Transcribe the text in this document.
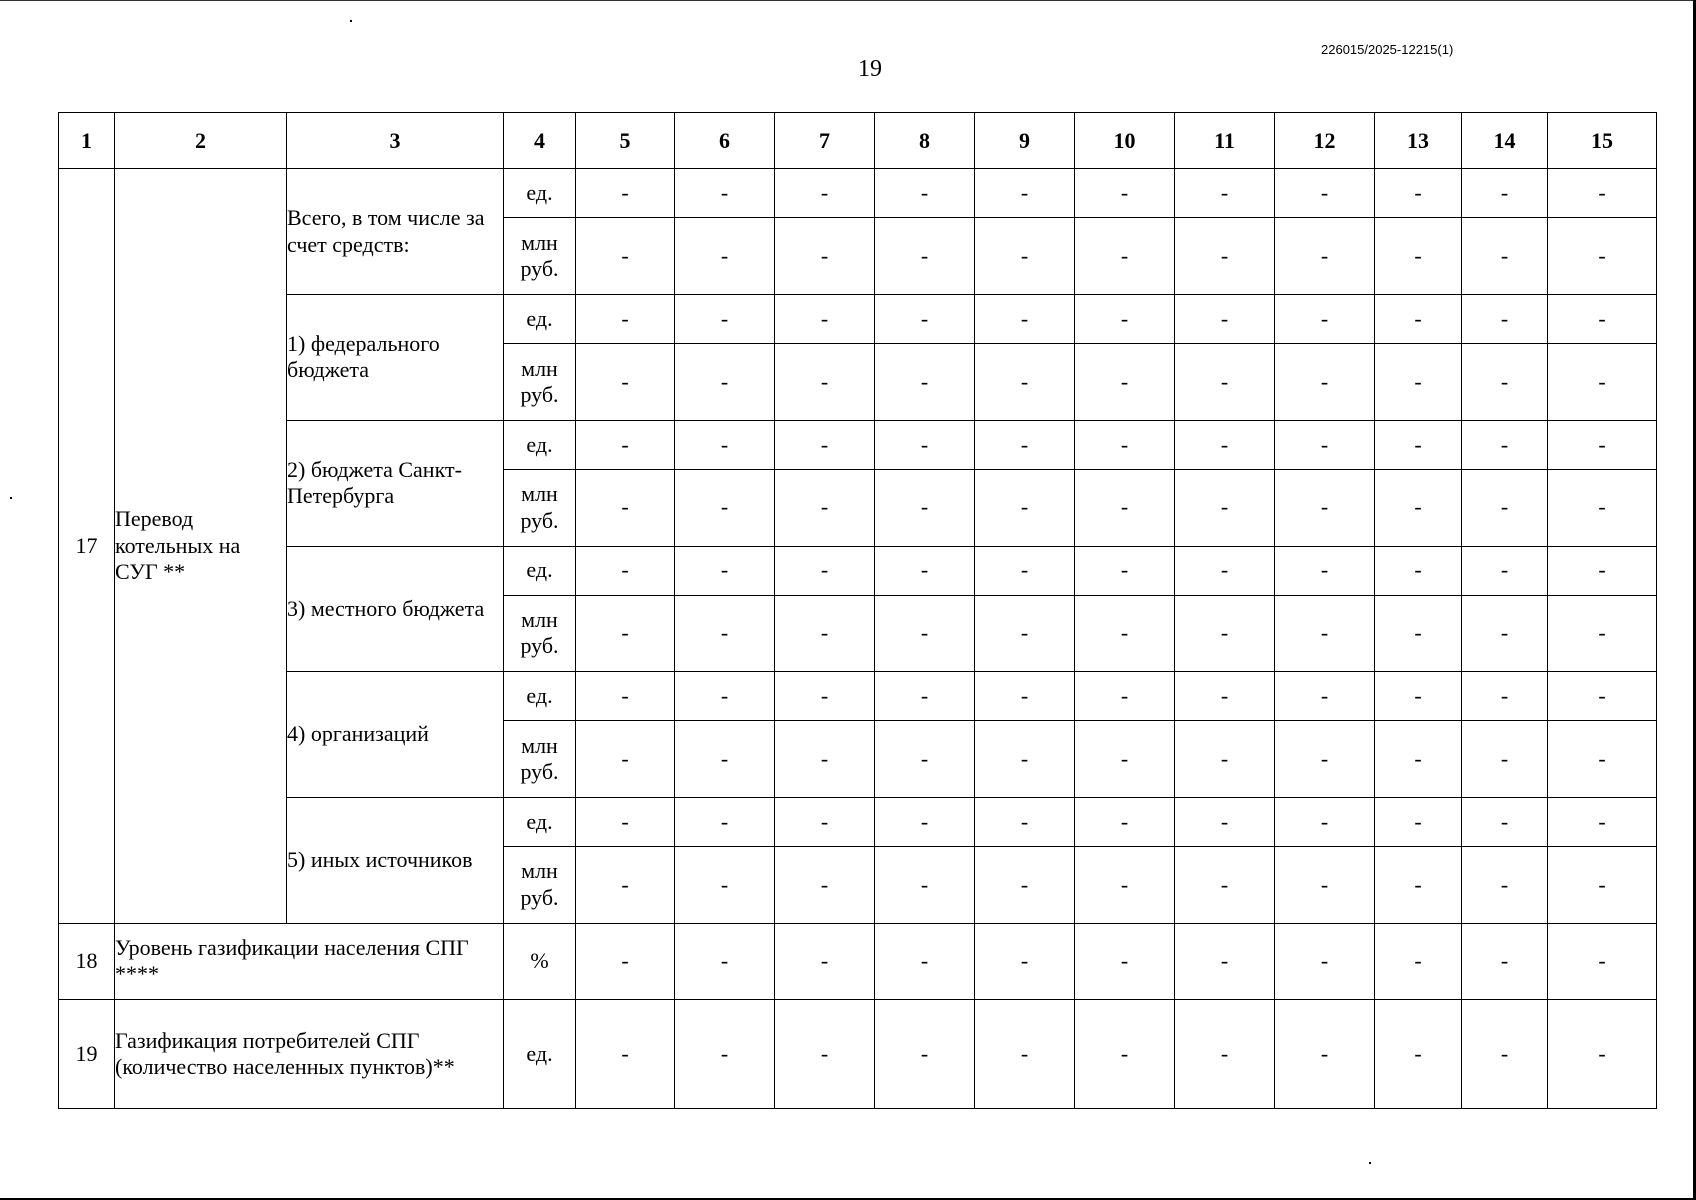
19
226015/2025-12215(1)
1	2	3	4	5	6	7	8	9	10	11	12	13	14	15
17	Перевод котельных на СУГ **	Всего, в том числе за счет средств:	ед.	-	-	-	-	-	-	-	-	-	-	-
			млн руб.	-	-	-	-	-	-	-	-	-	-	-
		1) федерального бюджета	ед.	-	-	-	-	-	-	-	-	-	-	-
			млн руб.	-	-	-	-	-	-	-	-	-	-	-
		2) бюджета Санкт-Петербурга	ед.	-	-	-	-	-	-	-	-	-	-	-
			млн руб.	-	-	-	-	-	-	-	-	-	-	-
		3) местного бюджета	ед.	-	-	-	-	-	-	-	-	-	-	-
			млн руб.	-	-	-	-	-	-	-	-	-	-	-
		4) организаций	ед.	-	-	-	-	-	-	-	-	-	-	-
			млн руб.	-	-	-	-	-	-	-	-	-	-	-
		5) иных источников	ед.	-	-	-	-	-	-	-	-	-	-	-
			млн руб.	-	-	-	-	-	-	-	-	-	-	-
18	Уровень газификации населения СПГ ****		%	-	-	-	-	-	-	-	-	-	-	-
19	Газификация потребителей СПГ (количество населенных пунктов)**		ед.	-	-	-	-	-	-	-	-	-	-	-
